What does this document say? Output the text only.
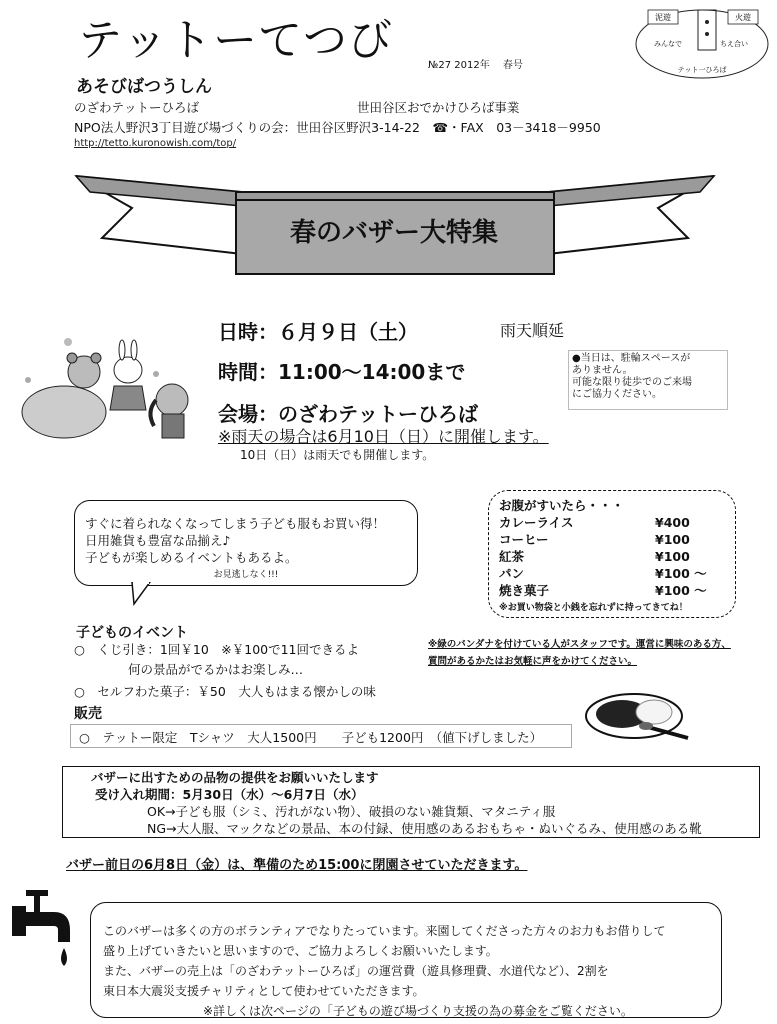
テットーてつび	№27 2012年　 春号
あそびばつうしん
のざわテットーひろば	世田谷区おでかけひろば事業
NPO法人野沢3丁目遊び場づくりの会：世田谷区野沢3-14-22　☎・FAX　03－3418－9950
http://tetto.kuronowish.com/top/
泥遊	火遊
みんなで	ちえ合い
テット一ひろば
春のバザー大特集
日時：６月９日（土）	雨天順延
時間：11:00～14:00まで
会場：のざわテットーひろば
※雨天の場合は6月10日（日）に開催します。
10日（日）は雨天でも開催します。
●当日は、駐輪スペースが
ありません。
可能な限り徒歩でのご来場
にご協力ください。
すぐに着られなくなってしまう子ども服もお買い得！
日用雑貨も豊富な品揃え♪
子どもが楽しめるイベントもあるよ。
お見逃しなく!!!
お腹がすいたら・・・
カレーライス	¥400
コーヒー	¥100
紅茶	¥100
パン	¥100 ～
焼き菓子	¥100 ～
※お買い物袋と小銭を忘れずに持ってきてね！
子どものイベント
○　くじ引き：1回￥10　※￥100で11回できるよ
何の景品がでるかはお楽しみ…
○　セルフわた菓子：￥50　大人もはまる懐かしの味
※緑のバンダナを付けている人がスタッフです。運営に興味のある方、
質問があるかたはお気軽に声をかけてください。
販売
○　テットー限定　Tシャツ　大人1500円　　子ども1200円　（値下げしました）
バザーに出すための品物の提供をお願いいたします
受け入れ期間：5月30日（水）～6月7日（水）
OK→子ども服（シミ、汚れがない物）、破損のない雑貨類、マタニティ服
NG→大人服、マックなどの景品、本の付録、使用感のあるおもちゃ・ぬいぐるみ、使用感のある靴
バザー前日の6月8日（金）は、準備のため15:00に閉園させていただきます。
このバザーは多くの方のボランティアでなりたっています。来園してくださった方々のお力もお借りして
盛り上げていきたいと思いますので、ご協力よろしくお願いいたします。
また、バザーの売上は「のざわテットーひろば」の運営費（遊具修理費、水道代など）、2割を
東日本大震災支援チャリティとして使わせていただきます。
※詳しくは次ページの「子どもの遊び場づくり支援の為の募金をご覧ください。
